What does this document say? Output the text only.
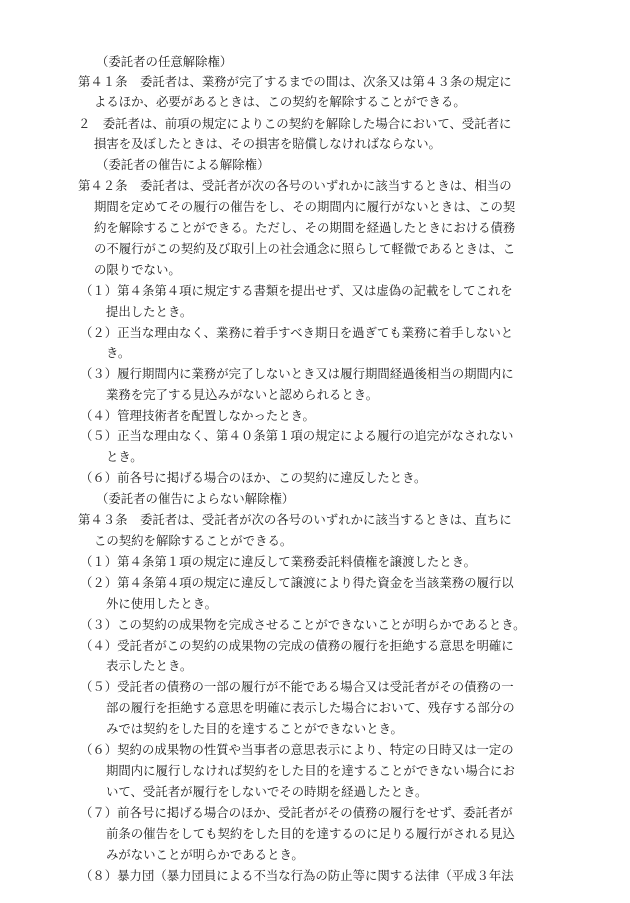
（委託者の任意解除権）
第４１条　委託者は、業務が完了するまでの間は、次条又は第４３条の規定に
よるほか、必要があるときは、この契約を解除することができる。
２　委託者は、前項の規定によりこの契約を解除した場合において、受託者に
損害を及ぼしたときは、その損害を賠償しなければならない。
（委託者の催告による解除権）
第４２条　委託者は、受託者が次の各号のいずれかに該当するときは、相当の
期間を定めてその履行の催告をし、その期間内に履行がないときは、この契
約を解除することができる。ただし、その期間を経過したときにおける債務
の不履行がこの契約及び取引上の社会通念に照らして軽微であるときは、こ
の限りでない。
（１）第４条第４項に規定する書類を提出せず、又は虚偽の記載をしてこれを
提出したとき。
（２）正当な理由なく、業務に着手すべき期日を過ぎても業務に着手しないと
き。
（３）履行期間内に業務が完了しないとき又は履行期間経過後相当の期間内に
業務を完了する見込みがないと認められるとき。
（４）管理技術者を配置しなかったとき。
（５）正当な理由なく、第４０条第１項の規定による履行の追完がなされない
とき。
（６）前各号に掲げる場合のほか、この契約に違反したとき。
（委託者の催告によらない解除権）
第４３条　委託者は、受託者が次の各号のいずれかに該当するときは、直ちに
この契約を解除することができる。
（１）第４条第１項の規定に違反して業務委託料債権を譲渡したとき。
（２）第４条第４項の規定に違反して譲渡により得た資金を当該業務の履行以
外に使用したとき。
（３）この契約の成果物を完成させることができないことが明らかであるとき。
（４）受託者がこの契約の成果物の完成の債務の履行を拒絶する意思を明確に
表示したとき。
（５）受託者の債務の一部の履行が不能である場合又は受託者がその債務の一
部の履行を拒絶する意思を明確に表示した場合において、残存する部分の
みでは契約をした目的を達することができないとき。
（６）契約の成果物の性質や当事者の意思表示により、特定の日時又は一定の
期間内に履行しなければ契約をした目的を達することができない場合にお
いて、受託者が履行をしないでその時期を経過したとき。
（７）前各号に掲げる場合のほか、受託者がその債務の履行をせず、委託者が
前条の催告をしても契約をした目的を達するのに足りる履行がされる見込
みがないことが明らかであるとき。
（８）暴力団（暴力団員による不当な行為の防止等に関する法律（平成３年法
